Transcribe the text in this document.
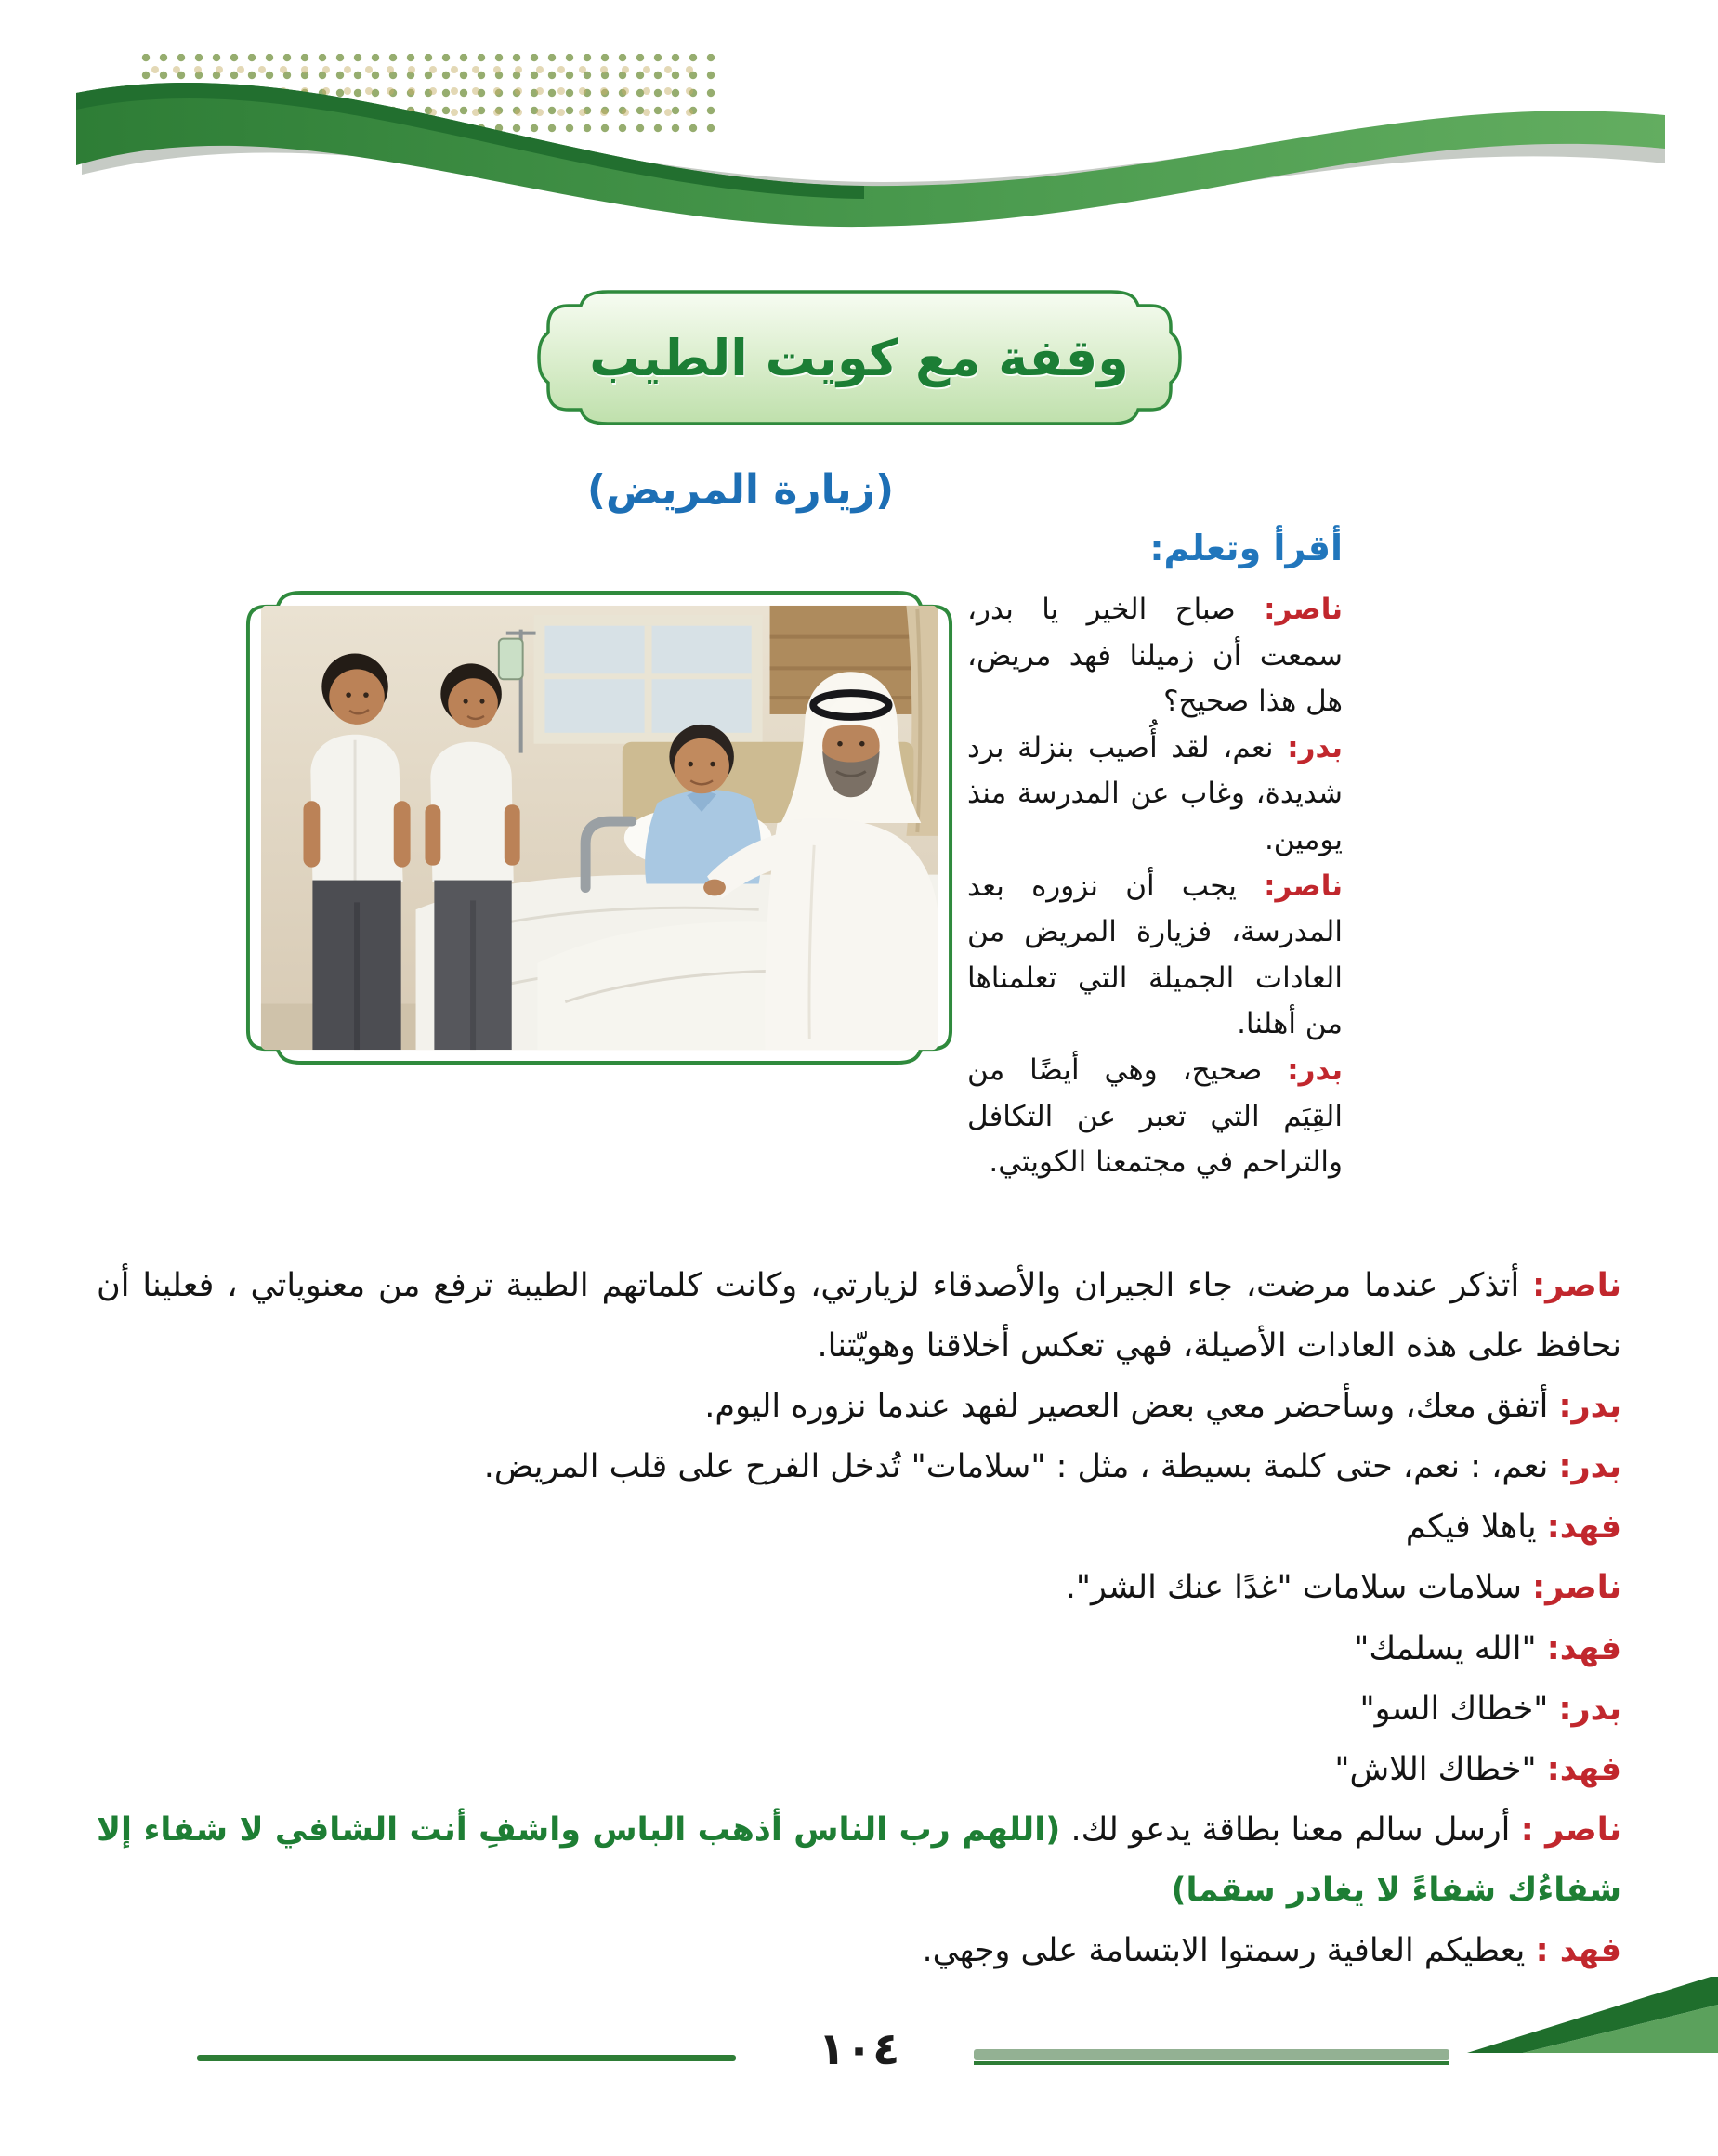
وقفة مع كويت الطيب
(زيارة المريض)
أقرأ وتعلم:

ناصر: صباح الخير يا بدر، سمعت أن زميلنا فهد مريض، هل هذا صحيح؟

بدر: نعم، لقد أُصيب بنزلة برد شديدة، وغاب عن المدرسة منذ يومين.

ناصر: يجب أن نزوره بعد المدرسة، فزيارة المريض من العادات الجميلة التي تعلمناها من أهلنا.

بدر: صحيح، وهي أيضًا من القِيَم التي تعبر عن التكافل والتراحم في مجتمعنا الكويتي.

ناصر: أتذكر عندما مرضت، جاء الجيران والأصدقاء لزيارتي، وكانت كلماتهم الطيبة ترفع من معنوياتي ، فعلينا أن نحافظ على هذه العادات الأصيلة، فهي تعكس أخلاقنا وهويّتنا.

بدر: أتفق معك، وسأحضر معي بعض العصير لفهد عندما نزوره اليوم.

بدر: نعم، : نعم، حتى كلمة بسيطة ، مثل : "سلامات" تُدخل الفرح على قلب المريض.

فهد: ياهلا فيكم

ناصر: سلامات سلامات "غدًا عنك الشر".

فهد: "الله يسلمك"

بدر: "خطاك السو"

فهد: "خطاك اللاش"

ناصر : أرسل سالم معنا بطاقة يدعو لك. (اللهم رب الناس أذهب الباس واشفِ أنت الشافي لا شفاء إلا شفاءُك شفاءً لا يغادر سقما)

فهد : يعطيكم العافية رسمتوا الابتسامة على وجهي.

١٠٤
